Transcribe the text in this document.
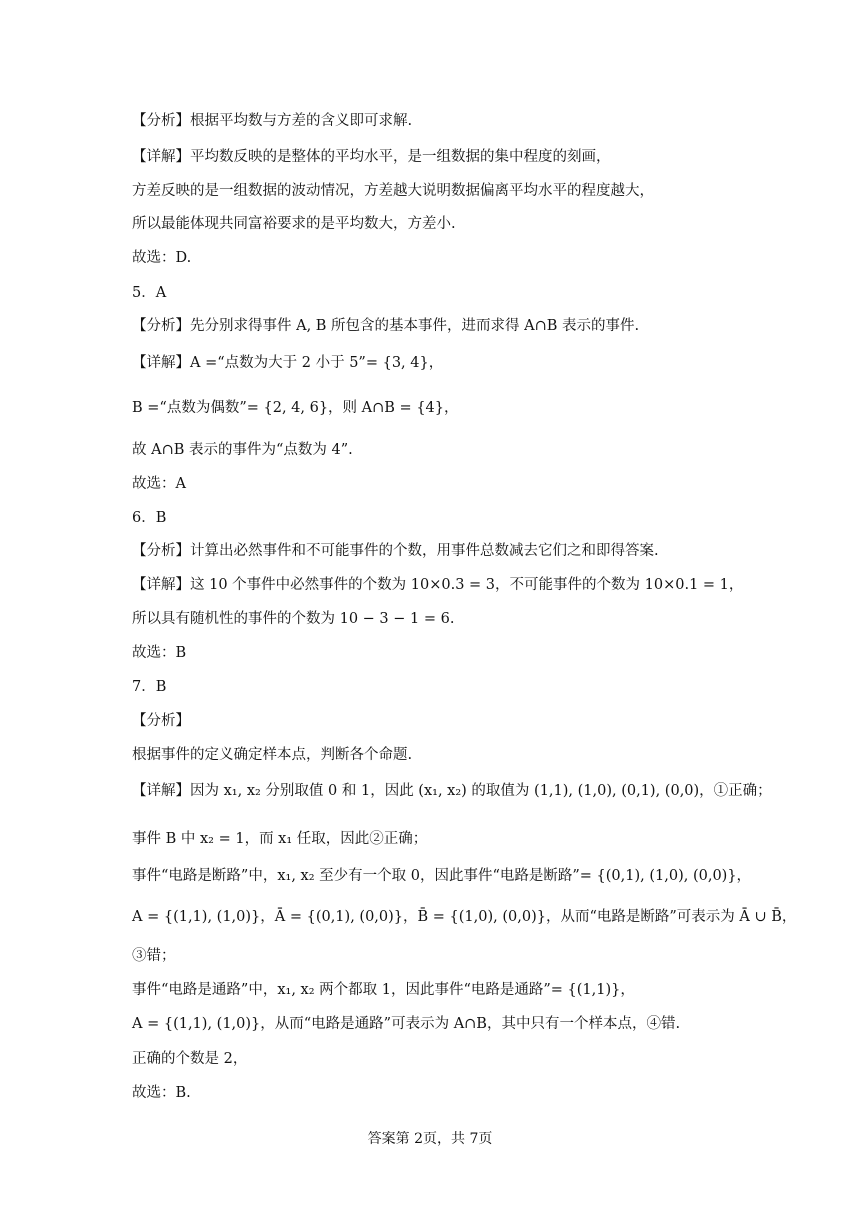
答案第 2页，共 7页
【分析】根据平均数与方差的含义即可求解.
【详解】平均数反映的是整体的平均水平，是一组数据的集中程度的刻画，
方差反映的是一组数据的波动情况，方差越大说明数据偏离平均水平的程度越大，
所以最能体现共同富裕要求的是平均数大，方差小.
故选：D.
5．A
【分析】先分别求得事件 A, B 所包含的基本事件，进而求得 A∩B 表示的事件.
【详解】A =“点数为大于 2 小于 5”= {3, 4}，
B =“点数为偶数”= {2, 4, 6}，则 A∩B = {4}，
故 A∩B 表示的事件为“点数为 4”.
故选：A
6．B
【分析】计算出必然事件和不可能事件的个数，用事件总数减去它们之和即得答案.
【详解】这 10 个事件中必然事件的个数为 10×0.3 = 3，不可能事件的个数为 10×0.1 = 1，
所以具有随机性的事件的个数为 10 − 3 − 1 = 6.
故选：B
7．B
【分析】
根据事件的定义确定样本点，判断各个命题.
【详解】因为 x₁, x₂ 分别取值 0 和 1，因此 (x₁, x₂) 的取值为 (1,1), (1,0), (0,1), (0,0)，①正确；
事件 B 中 x₂ = 1，而 x₁ 任取，因此②正确；
事件“电路是断路”中，x₁, x₂ 至少有一个取 0，因此事件“电路是断路”= {(0,1), (1,0), (0,0)}，
A = {(1,1), (1,0)}，Ā = {(0,1), (0,0)}，B̄ = {(1,0), (0,0)}，从而“电路是断路”可表示为 Ā ∪ B̄，
③错；
事件“电路是通路”中，x₁, x₂ 两个都取 1，因此事件“电路是通路”= {(1,1)}，
A = {(1,1), (1,0)}，从而“电路是通路”可表示为 A∩B，其中只有一个样本点，④错.
正确的个数是 2，
故选：B.
